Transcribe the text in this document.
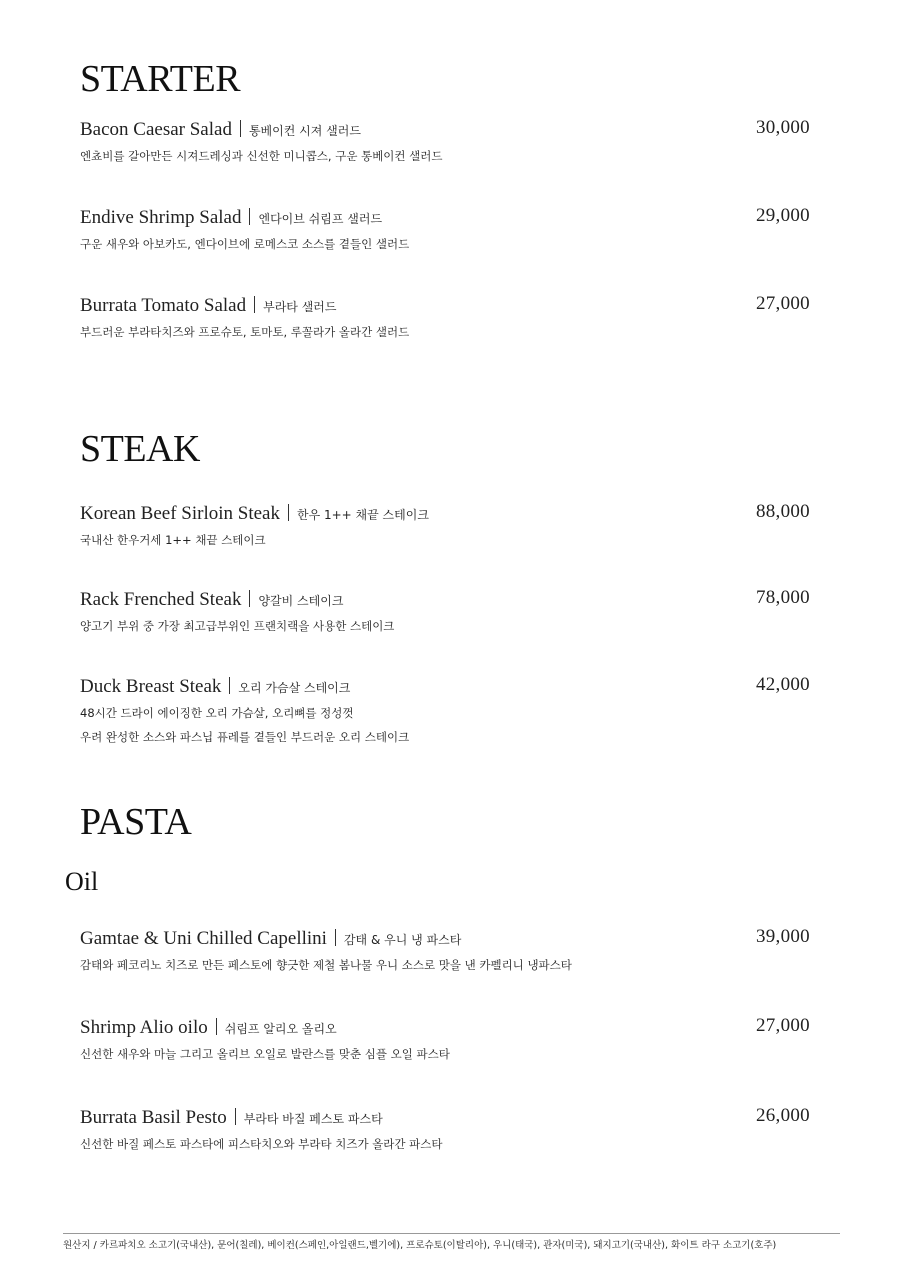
STARTER
Bacon Caesar Salad 통베이컨 시져 샐러드	30,000
엔쵸비를 갈아만든 시져드레싱과 신선한 미니콥스, 구운 통베이컨 샐러드
Endive Shrimp Salad 엔다이브 쉬림프 샐러드	29,000
구운 새우와 아보카도, 엔다이브에 로메스코 소스를 곁들인 샐러드
Burrata Tomato Salad 부라타 샐러드	27,000
부드러운 부라타치즈와 프로슈토, 토마토, 루꼴라가 올라간 샐러드
STEAK
Korean Beef Sirloin Steak 한우 1++ 채끝 스테이크	88,000
국내산 한우거세 1++ 채끝 스테이크
Rack Frenched Steak 양갈비 스테이크	78,000
양고기 부위 중 가장 최고급부위인 프랜치랙을 사용한 스테이크
Duck Breast Steak 오리 가슴살 스테이크	42,000
48시간 드라이 에이징한 오리 가슴살, 오리뼈를 정성껏
우려 완성한 소스와 파스닙 퓨레를 곁들인 부드러운 오리 스테이크
PASTA
Oil
Gamtae & Uni Chilled Capellini 감태 & 우니 냉 파스타	39,000
감태와 페코리노 치즈로 만든 페스토에 향긋한 제철 봄나물 우니 소스로 맛을 낸 카펠리니 냉파스타
Shrimp Alio oilo 쉬림프 알리오 올리오	27,000
신선한 새우와 마늘 그리고 올리브 오일로 발란스를 맞춘 심플 오일 파스타
Burrata Basil Pesto 부라타 바질 페스토 파스타	26,000
신선한 바질 페스토 파스타에 피스타치오와 부라타 치즈가 올라간 파스타
원산지 / 카르파치오 소고기(국내산), 문어(칠레), 베이컨(스페인,아일랜드,벨기에), 프로슈토(이탈리아), 우니(태국), 관자(미국), 돼지고기(국내산), 화이트 라구 소고기(호주)
